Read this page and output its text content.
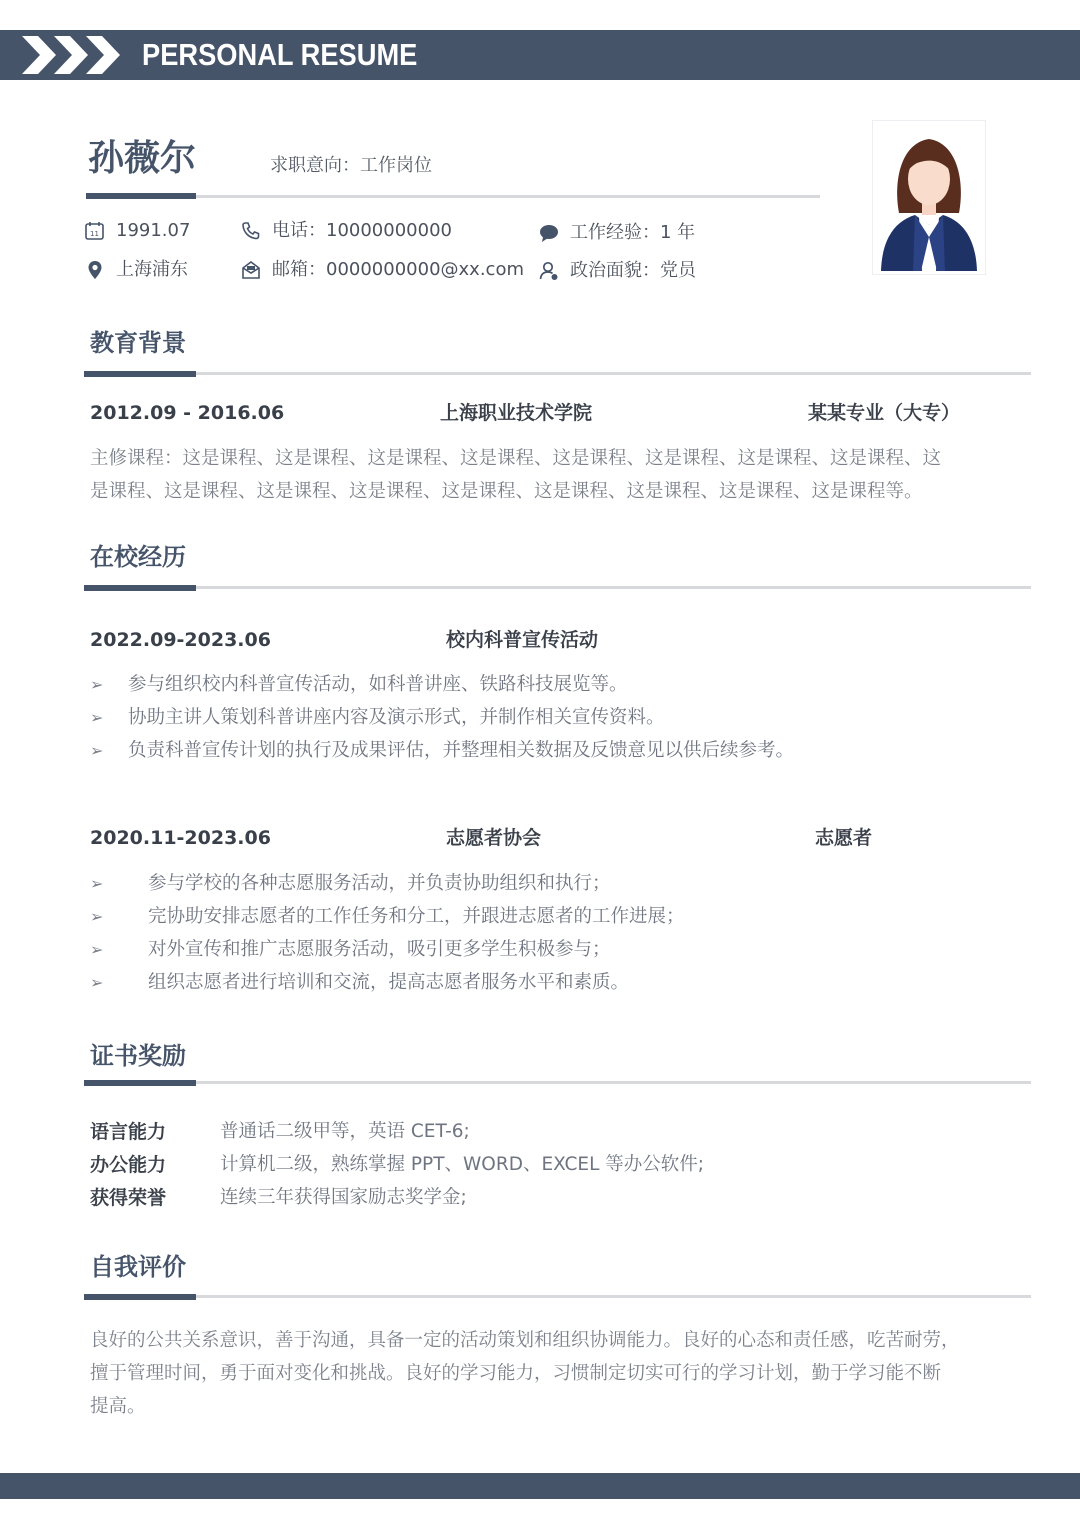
PERSONAL RESUME
孙薇尔	求职意向：工作岗位
11 1991.07	电话：10000000000	工作经验：1 年
上海浦东	邮箱：0000000000@xx.com	政治面貌：党员
教育背景
2012.09 - 2016.06	上海职业技术学院	某某专业（大专）
主修课程：这是课程、这是课程、这是课程、这是课程、这是课程、这是课程、这是课程、这是课程、这
是课程、这是课程、这是课程、这是课程、这是课程、这是课程、这是课程、这是课程、这是课程等。
在校经历
2022.09-2023.06	校内科普宣传活动
➢ 参与组织校内科普宣传活动，如科普讲座、铁路科技展览等。
➢ 协助主讲人策划科普讲座内容及演示形式，并制作相关宣传资料。
➢ 负责科普宣传计划的执行及成果评估，并整理相关数据及反馈意见以供后续参考。
2020.11-2023.06	志愿者协会	志愿者
➢ 参与学校的各种志愿服务活动，并负责协助组织和执行；
➢ 完协助安排志愿者的工作任务和分工，并跟进志愿者的工作进展；
➢ 对外宣传和推广志愿服务活动，吸引更多学生积极参与；
➢ 组织志愿者进行培训和交流，提高志愿者服务水平和素质。
证书奖励
语言能力	普通话二级甲等，英语 CET-6;
办公能力	计算机二级，熟练掌握 PPT、WORD、EXCEL 等办公软件;
获得荣誉	连续三年获得国家励志奖学金;
自我评价
良好的公共关系意识，善于沟通，具备一定的活动策划和组织协调能力。良好的心态和责任感，吃苦耐劳，
擅于管理时间，勇于面对变化和挑战。良好的学习能力，习惯制定切实可行的学习计划，勤于学习能不断
提高。
